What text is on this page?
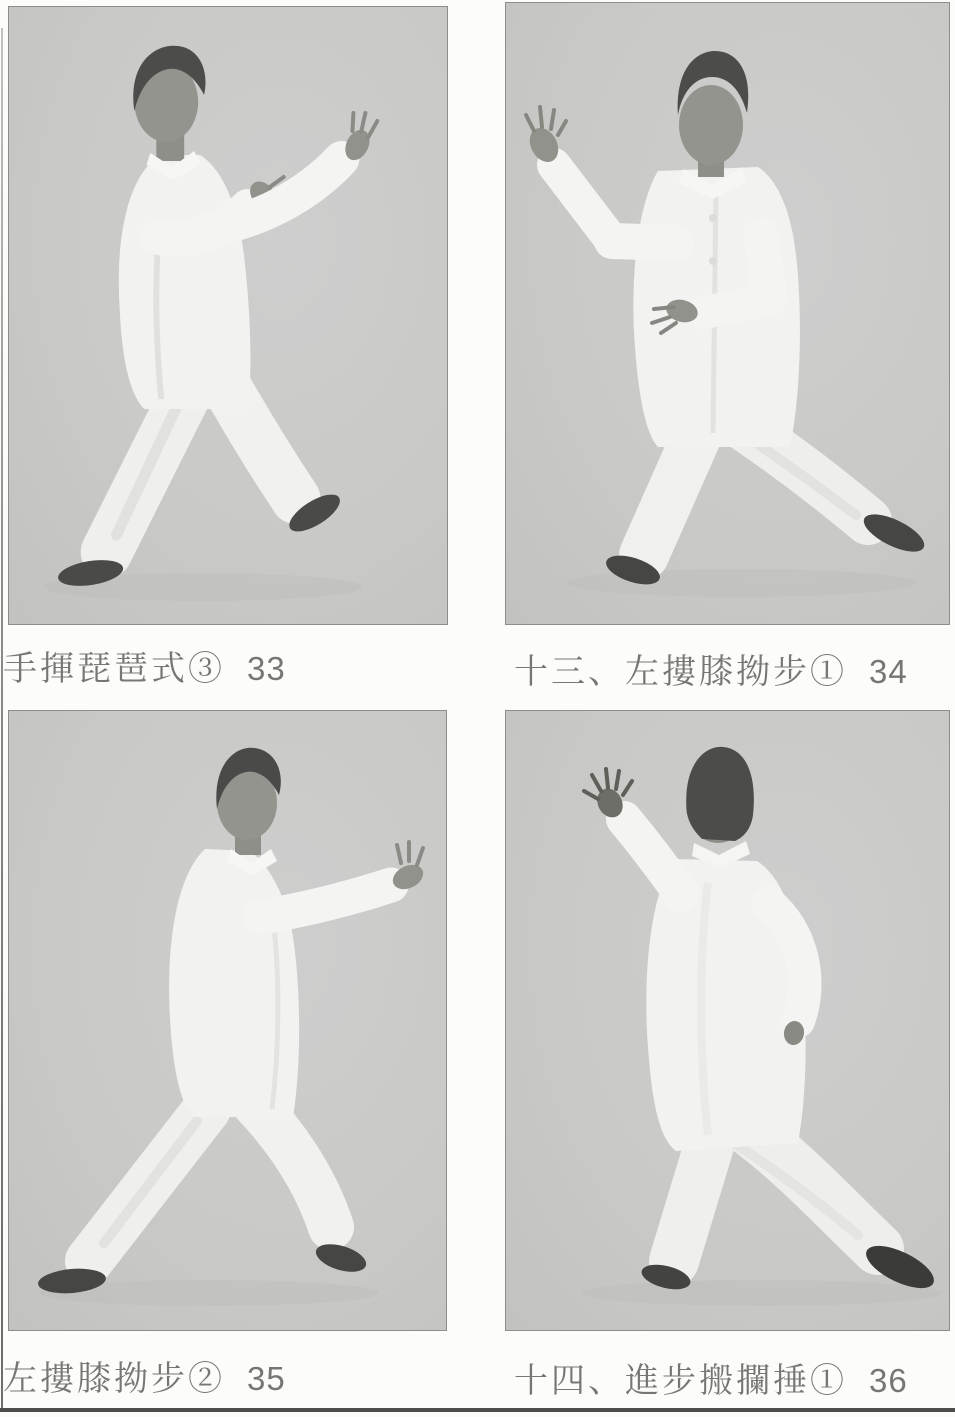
手揮琵琶式③ 33	十三、左摟膝拗步① 34
左摟膝拗步② 35	十四、進步搬攔捶① 36
